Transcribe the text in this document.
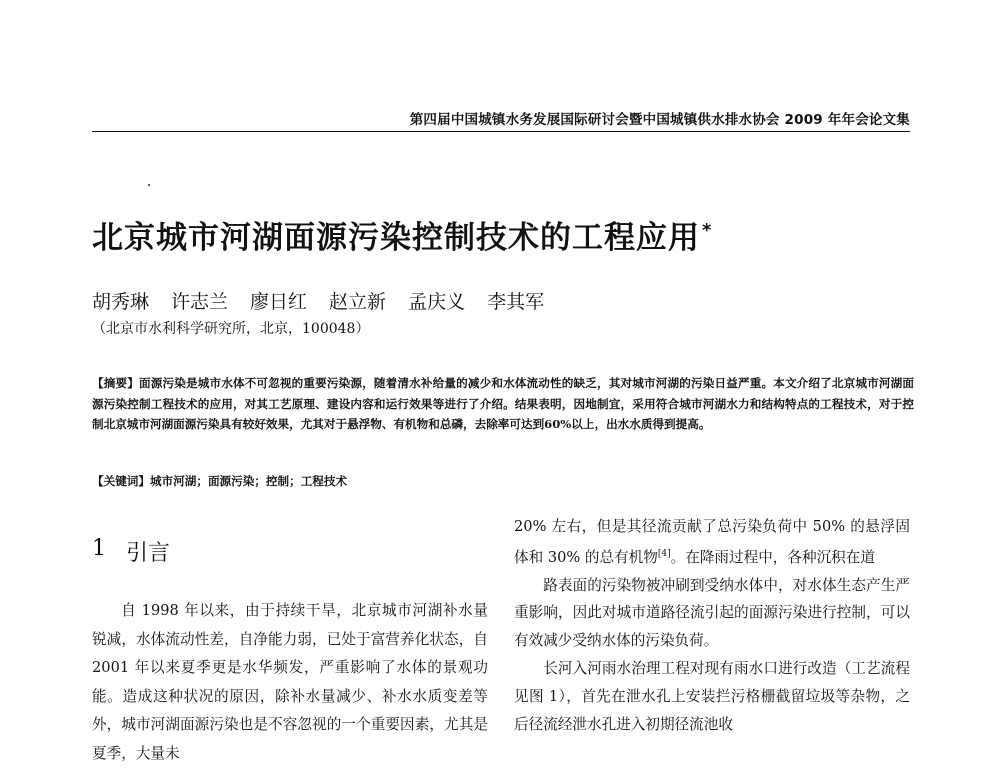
第四届中国城镇水务发展国际研讨会暨中国城镇供水排水协会 2009 年年会论文集
北京城市河湖面源污染控制技术的工程应用 *
胡秀琳 许志兰 廖日红 赵立新 孟庆义 李其军
（北京市水利科学研究所，北京，100048）
【摘要】面源污染是城市水体不可忽视的重要污染源，随着清水补给量的减少和水体流动性的缺乏，其对城市河湖的污染日益严重。本文介绍了北京城市河湖面源污染控制工程技术的应用，对其工艺原理、建设内容和运行效果等进行了介绍。结果表明，因地制宜，采用符合城市河湖水力和结构特点的工程技术，对于控制北京城市河湖面源污染具有较好效果，尤其对于悬浮物、有机物和总磷，去除率可达到60%以上，出水水质得到提高。
【关键词】城市河湖；面源污染；控制；工程技术
1 引言

自 1998 年以来，由于持续干旱，北京城市河湖补水量锐减，水体流动性差，自净能力弱，已处于富营养化状态，自 2001 年以来夏季更是水华频发，严重影响了水体的景观功能。造成这种状况的原因，除补水量减少、补水水质变差等外，城市河湖面源污染也是不容忽视的一个重要因素，尤其是夏季，大量未

20% 左右，但是其径流贡献了总污染负荷中 50% 的悬浮固体和 30% 的总有机物[4]。在降雨过程中，各种沉积在道

路表面的污染物被冲刷到受纳水体中，对水体生态产生严重影响，因此对城市道路径流引起的面源污染进行控制，可以有效减少受纳水体的污染负荷。

长河入河雨水治理工程对现有雨水口进行改造（工艺流程见图 1），首先在泄水孔上安装拦污格栅截留垃圾等杂物，之后径流经泄水孔进入初期径流池收
